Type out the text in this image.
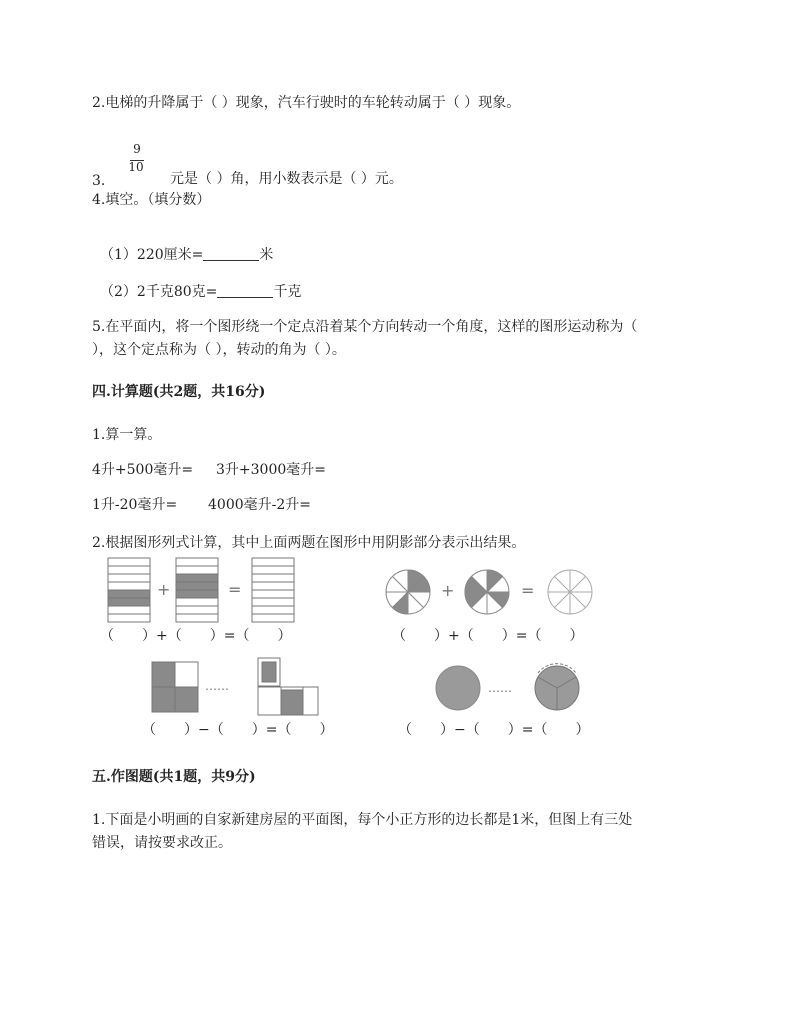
2.电梯的升降属于（ ）现象，汽车行驶时的车轮转动属于（ ）现象。
9
10
3.	元是（ ）角，用小数表示是（ ）元。
4.填空。（填分数）
（1）220厘米=	米
（2）2千克80克=	千克
5.在平面内，将一个图形绕一个定点沿着某个方向转动一个角度，这样的图形运动称为（
），这个定点称为（ ），转动的角为（ ）。
四.计算题(共2题，共16分)
1.算一算。
4升+500毫升= 3升+3000毫升=
1升-20毫升= 4000毫升-2升=
2.根据图形列式计算，其中上面两题在图形中用阴影部分表示出结果。
+	=	+	=
……	……
（　　）+（　　）=（　　）	（　　）+（　　）=（　　）
（　　）−（　　）=（　　）	（　　）−（　　）=（　　）
五.作图题(共1题，共9分)
1.下面是小明画的自家新建房屋的平面图，每个小正方形的边长都是1米，但图上有三处
错误，请按要求改正。
